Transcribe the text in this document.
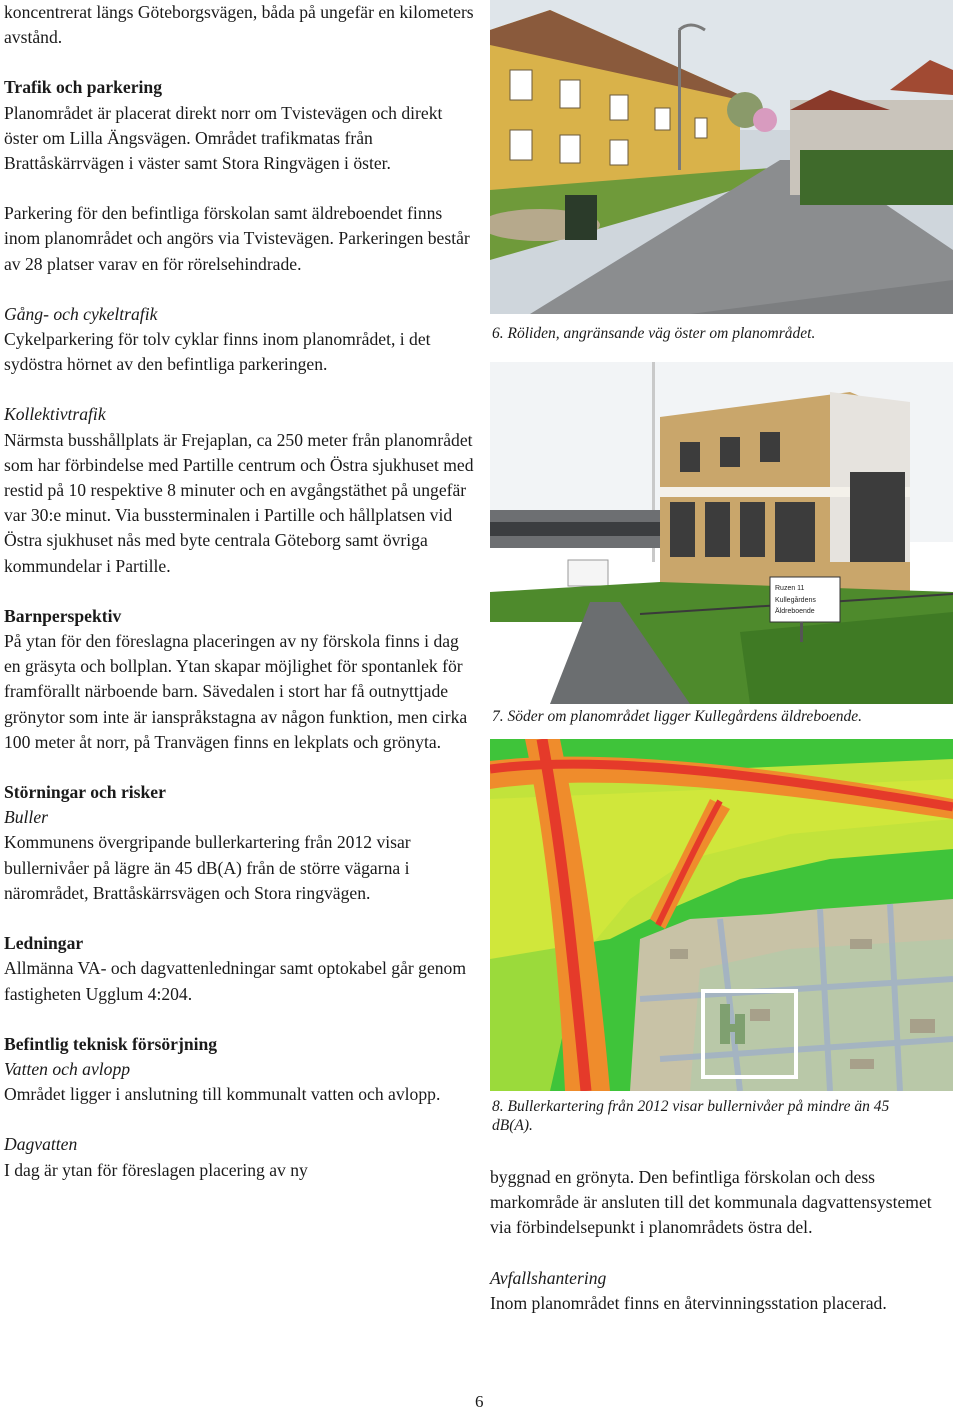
koncentrerat längs Göteborgsvägen, båda på ungefär en kilometers avstånd.

Trafik och parkering

Planområdet är placerat direkt norr om Tvistevägen och direkt öster om Lilla Ängsvägen. Området trafikmatas från Brattåskärrvägen i väster samt Stora Ringvägen i öster.

Parkering för den befintliga förskolan samt äldreboendet finns inom planområdet och angörs via Tvistevägen. Parkeringen består av 28 platser varav en för rörelsehindrade.

Gång- och cykeltrafik

Cykelparkering för tolv cyklar finns inom planområdet, i det sydöstra hörnet av den befintliga parkeringen.

Kollektivtrafik

Närmsta busshållplats är Frejaplan, ca 250 meter från planområdet som har förbindelse med Partille centrum och Östra sjukhuset med restid på 10 respektive 8 minuter och en avgångstäthet på ungefär var 30:e minut. Via bussterminalen i Partille och hållplatsen vid Östra sjukhuset nås med byte centrala Göteborg samt övriga kommundelar i Partille.

Barnperspektiv

På ytan för den föreslagna placeringen av ny förskola finns i dag en gräsyta och bollplan. Ytan skapar möjlighet för spontanlek för framförallt närboende barn. Sävedalen i stort har få outnyttjade grönytor som inte är ianspråkstagna av någon funktion, men cirka 100 meter åt norr, på Tranvägen finns en lekplats och grönyta.

Störningar och risker

Buller

Kommunens övergripande bullerkartering från 2012 visar bullernivåer på lägre än 45 dB(A) från de större vägarna i närområdet, Brattåskärrsvägen och Stora ringvägen.

Ledningar

Allmänna VA- och dagvattenledningar samt optokabel går genom fastigheten Ugglum 4:204.

Befintlig teknisk försörjning

Vatten och avlopp

Området ligger i anslutning till kommunalt vatten och avlopp.

Dagvatten

I dag är ytan för föreslagen placering av ny

6. Röliden, angränsande väg öster om planområdet.

Ruzen 11
Kullegårdens
Äldreboende

7. Söder om planområdet ligger Kullegårdens äldreboende.

8. Bullerkartering från 2012 visar bullernivåer på mindre än 45 dB(A).

byggnad en grönyta. Den befintliga förskolan och dess markområde är ansluten till det kommunala dagvattensystemet via förbindelsepunkt i planområdets östra del.

Avfallshantering

Inom planområdet finns en återvinningsstation placerad.

6
